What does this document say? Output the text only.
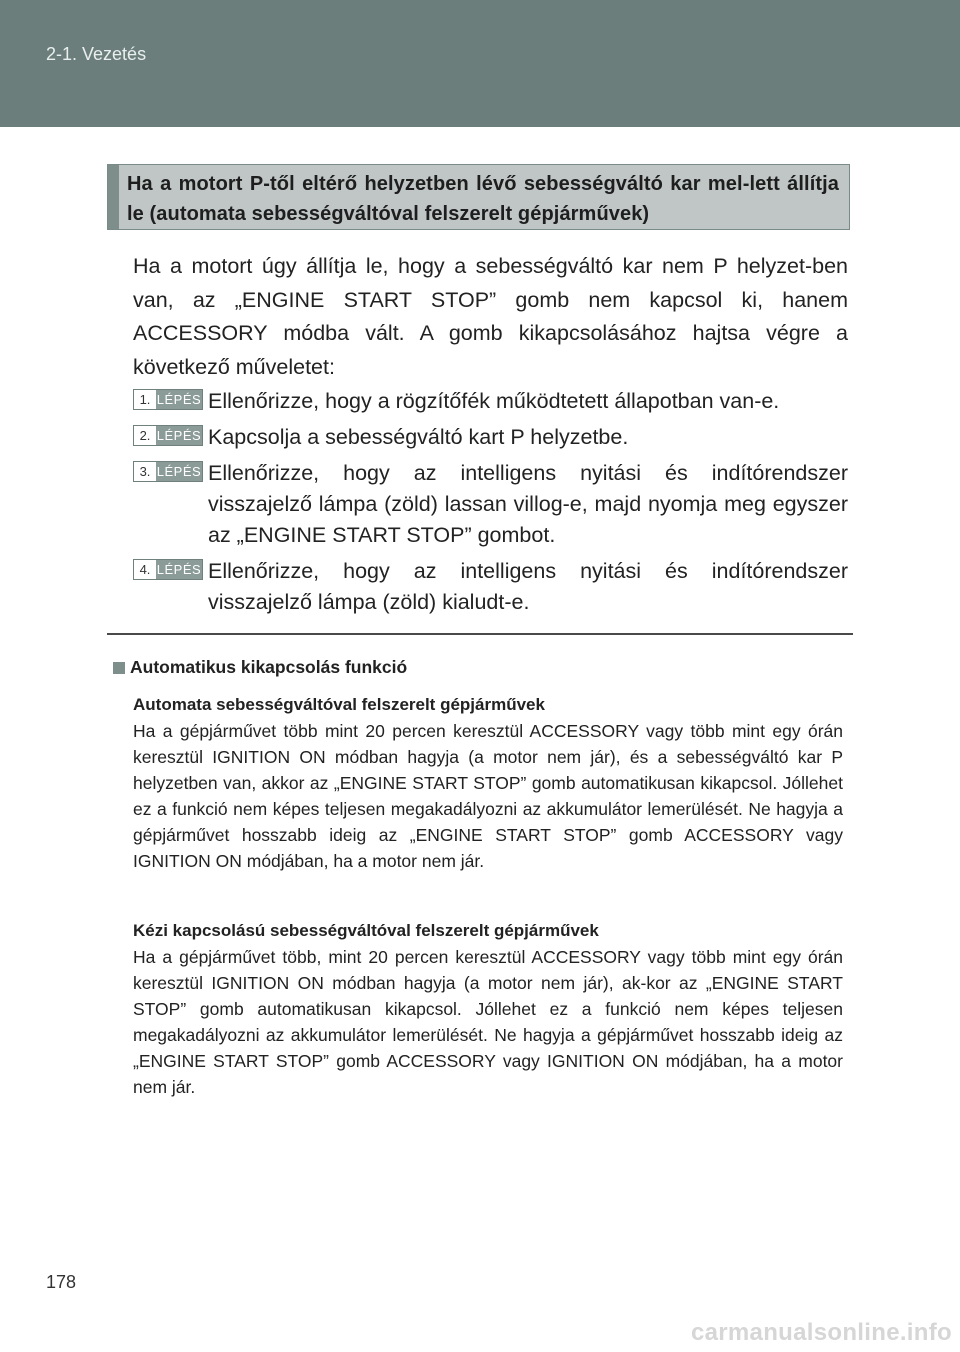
2-1. Vezetés
Ha a motort P-től eltérő helyzetben lévő sebességváltó kar mel-lett állítja le (automata sebességváltóval felszerelt gépjárművek)
Ha a motort úgy állítja le, hogy a sebességváltó kar nem P helyzet-ben van, az „ENGINE START STOP” gomb nem kapcsol ki, hanem ACCESSORY módba vált. A gomb kikapcsolásához hajtsa végre a következő műveletet:
1. LÉPÉS Ellenőrizze, hogy a rögzítőfék működtetett állapotban van-e.
2. LÉPÉS Kapcsolja a sebességváltó kart P helyzetbe.
3. LÉPÉS Ellenőrizze, hogy az intelligens nyitási és indítórendszer visszajelző lámpa (zöld) lassan villog-e, majd nyomja meg egyszer az „ENGINE START STOP” gombot.
4. LÉPÉS Ellenőrizze, hogy az intelligens nyitási és indítórendszer visszajelző lámpa (zöld) kialudt-e.
Automatikus kikapcsolás funkció
Automata sebességváltóval felszerelt gépjárművek
Ha a gépjárművet több mint 20 percen keresztül ACCESSORY vagy több mint egy órán keresztül IGNITION ON módban hagyja (a motor nem jár), és a sebességváltó kar P helyzetben van, akkor az „ENGINE START STOP” gomb automatikusan kikapcsol. Jóllehet ez a funkció nem képes teljesen megakadályozni az akkumulátor lemerülését. Ne hagyja a gépjárművet hosszabb ideig az „ENGINE START STOP” gomb ACCESSORY vagy IGNITION ON módjában, ha a motor nem jár.
Kézi kapcsolású sebességváltóval felszerelt gépjárművek
Ha a gépjárművet több, mint 20 percen keresztül ACCESSORY vagy több mint egy órán keresztül IGNITION ON módban hagyja (a motor nem jár), ak-kor az „ENGINE START STOP” gomb automatikusan kikapcsol. Jóllehet ez a funkció nem képes teljesen megakadályozni az akkumulátor lemerülését. Ne hagyja a gépjárművet hosszabb ideig az „ENGINE START STOP” gomb ACCESSORY vagy IGNITION ON módjában, ha a motor nem jár.
178
carmanualsonline.info
